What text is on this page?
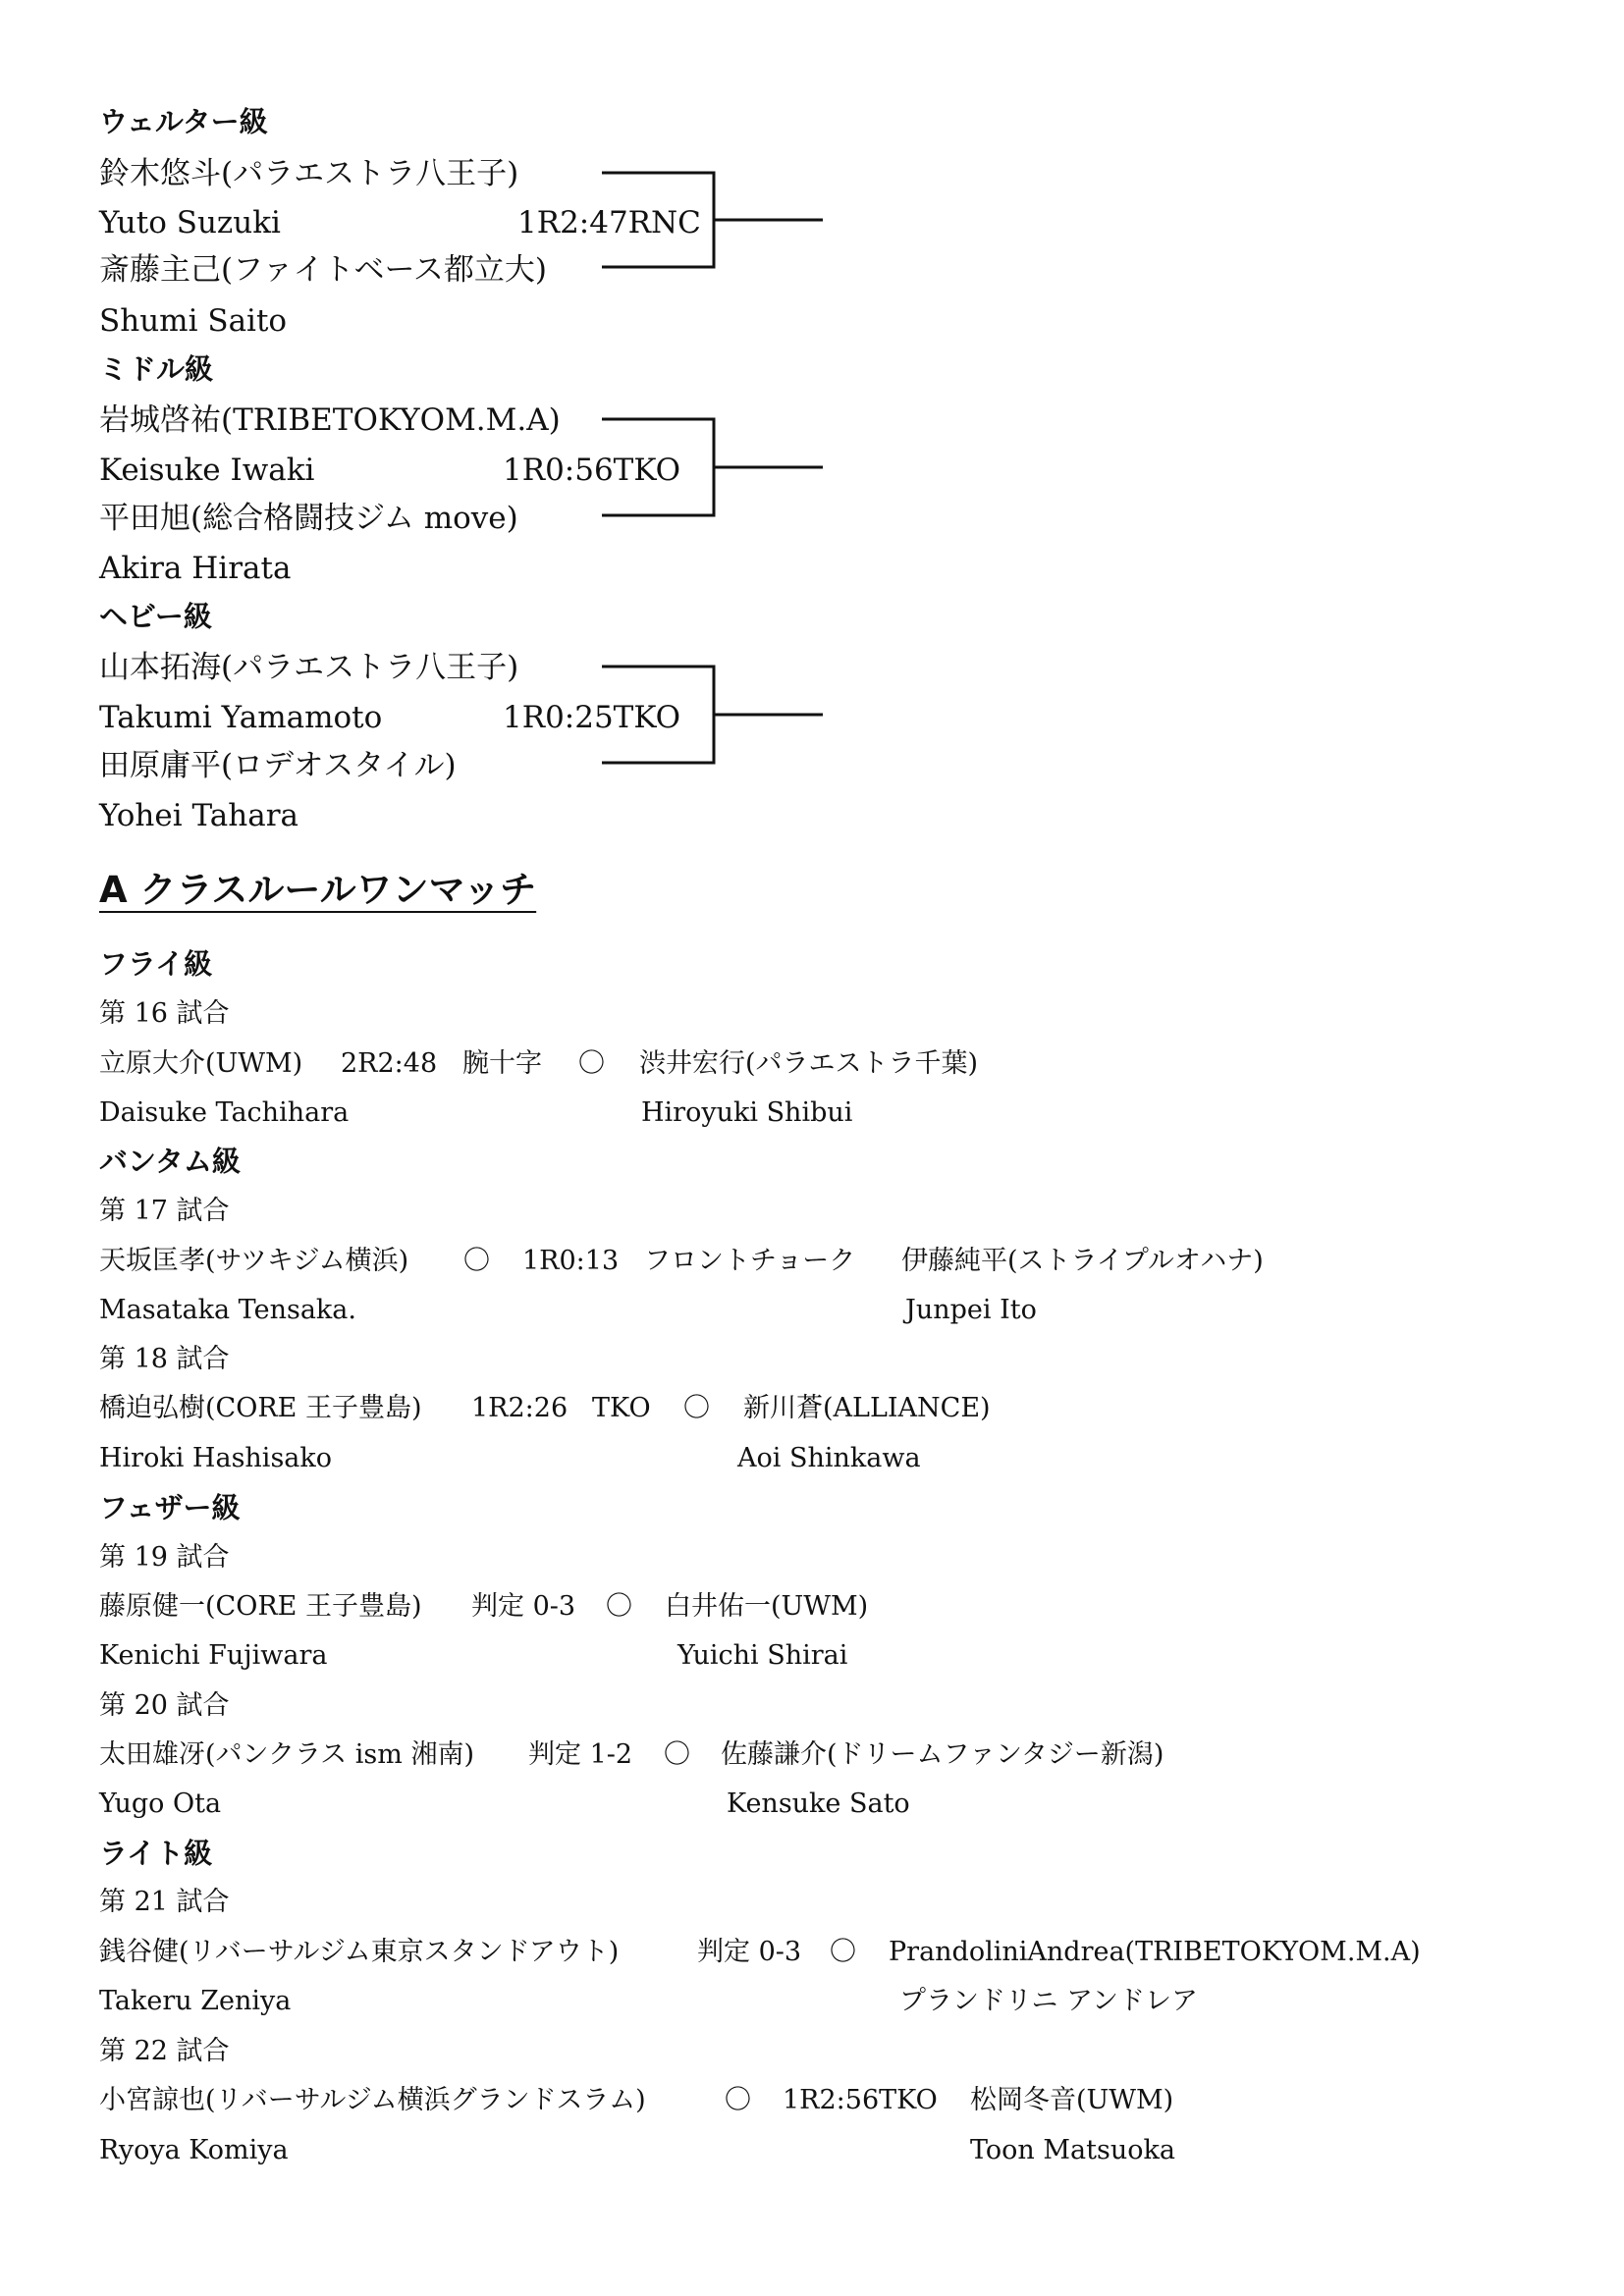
ウェルター級
鈴木悠斗(パラエストラ八王子)
Yuto Suzuki	1R2:47RNC
斎藤主己(ファイトベース都立大)
Shumi Saito
ミドル級
岩城啓祐(TRIBETOKYOM.M.A)
Keisuke Iwaki	1R0:56TKO
平田旭(総合格闘技ジム move)
Akira Hirata
ヘビー級
山本拓海(パラエストラ八王子)
Takumi Yamamoto	1R0:25TKO
田原庸平(ロデオスタイル)
Yohei Tahara
A クラスルールワンマッチ
フライ級
第 16 試合
立原大介(UWM) 2R2:48 腕十字 〇 渋井宏行(パラエストラ千葉)
Daisuke Tachihara	Hiroyuki Shibui
バンタム級
第 17 試合
天坂匡孝(サツキジム横浜) 〇 1R0:13 フロントチョーク 伊藤純平(ストライプルオハナ)
Masataka Tensaka.	Junpei Ito
第 18 試合
橋迫弘樹(CORE 王子豊島) 1R2:26 TKO 〇 新川蒼(ALLIANCE)
Hiroki Hashisako	Aoi Shinkawa
フェザー級
第 19 試合
藤原健一(CORE 王子豊島) 判定 0-3 〇 白井佑一(UWM)
Kenichi Fujiwara	Yuichi Shirai
第 20 試合
太田雄冴(パンクラス ism 湘南) 判定 1-2 〇 佐藤謙介(ドリームファンタジー新潟)
Yugo Ota	Kensuke Sato
ライト級
第 21 試合
銭谷健(リバーサルジム東京スタンドアウト)	判定 0-3 〇 PrandoliniAndrea(TRIBETOKYOM.M.A)
Takeru Zeniya	プランドリニ アンドレア
第 22 試合
小宮諒也(リバーサルジム横浜グランドスラム)	〇 1R2:56TKO 松岡冬音(UWM)
Ryoya Komiya	Toon Matsuoka
